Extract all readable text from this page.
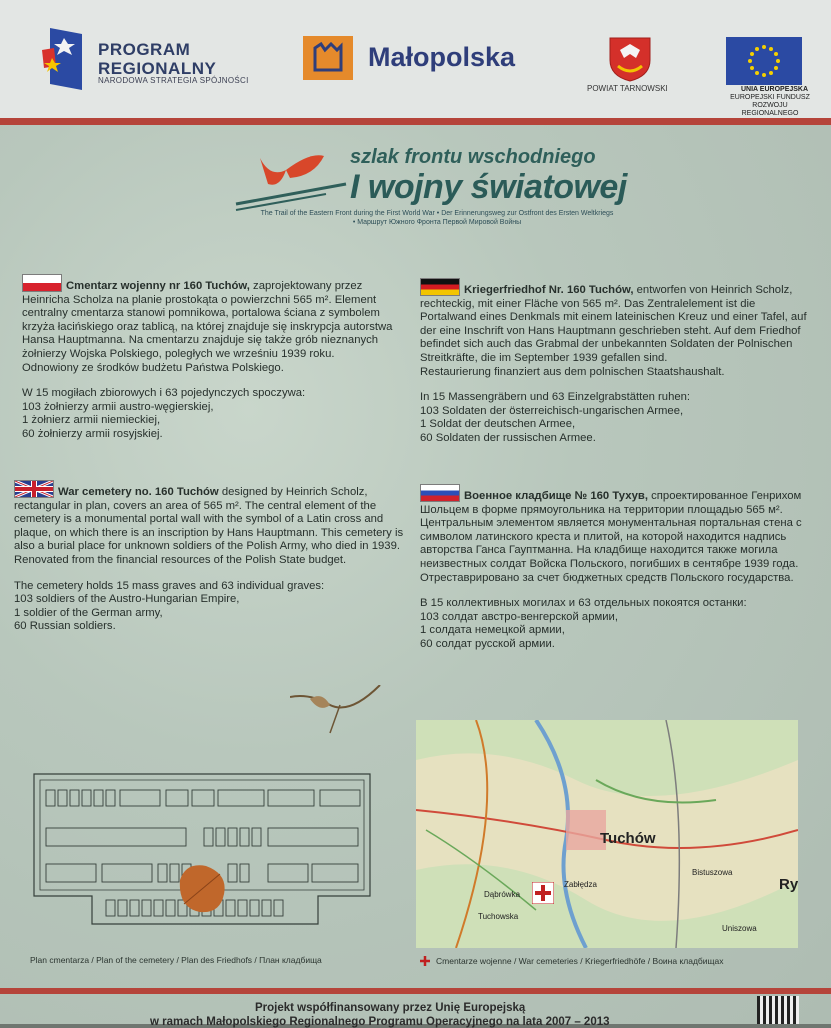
PROGRAM
REGIONALNY
NARODOWA STRATEGIA SPÓJNOŚCI
Małopolska
POWIAT TARNOWSKI	UNIA EUROPEJSKA
EUROPEJSKI FUNDUSZ
ROZWOJU REGIONALNEGO
szlak frontu wschodniego
I wojny światowej
The Trail of the Eastern Front during the First World War • Der Erinnerungsweg zur Ostfront des Ersten Weltkriegs
• Маршрут Южного Фронта Первой Мировой Войны

Cmentarz wojenny nr 160 Tuchów, zaprojektowany przez Heinricha Scholza na planie prostokąta o powierzchni 565 m². Element centralny cmentarza stanowi pomnikowa, portalowa ściana z symbolem krzyża łacińskiego oraz tablicą, na której znajduje się inskrypcja autorstwa Hansa Hauptmanna. Na cmentarzu znajduje się także grób nieznanych żołnierzy Wojska Polskiego, poległych we wrześniu 1939 roku.
Odnowiony ze środków budżetu Państwa Polskiego.

W 15 mogiłach zbiorowych i 63 pojedynczych spoczywa:
103 żołnierzy armii austro-węgierskiej,
1 żołnierz armii niemieckiej,
60 żołnierzy armii rosyjskiej.

War cemetery no. 160 Tuchów designed by Heinrich Scholz, rectangular in plan, covers an area of 565 m². The central element of the cemetery is a monumental portal wall with the symbol of a Latin cross and plaque, on which there is an inscription by Hans Hauptmann. This cemetery is also a burial place for unknown soldiers of the Polish Army, who died in 1939.
Renovated from the financial resources of the Polish State budget.

The cemetery holds 15 mass graves and 63 individual graves:
103 soldiers of the Austro-Hungarian Empire,
1 soldier of the German army,
60 Russian soldiers.

Kriegerfriedhof Nr. 160 Tuchów, entworfen von Heinrich Scholz, rechteckig, mit einer Fläche von 565 m². Das Zentralelement ist die Portalwand eines Denkmals mit einem lateinischen Kreuz und einer Tafel, auf der eine Inschrift von Hans Hauptmann geschrieben steht. Auf dem Friedhof befindet sich auch das Grabmal der unbekannten Soldaten der Polnischen Streitkräfte, die im September 1939 gefallen sind.
Restaurierung finanziert aus dem polnischen Staatshaushalt.

In 15 Massengräbern und 63 Einzelgrabstätten ruhen:
103 Soldaten der österreichisch-ungarischen Armee,
1 Soldat der deutschen Armee,
60 Soldaten der russischen Armee.

Военное кладбище № 160 Тухув, спроектированное Генрихом Шольцем в форме прямоугольника на территории площадью 565 м². Центральным элементом является монументальная портальная стена с символом латинского креста и плитой, на которой находится надпись авторства Ганса Гауптманна. На кладбище находится также могила неизвестных солдат Войска Польского, погибших в сентябре 1939 года.
Отреставрировано за счет бюджетных средств Польского государства.

В 15 коллективных могилах и 63 отдельных покоятся останки:
103 солдат австро-венгерской армии,
1 солдата немецкой армии,
60 солдат русской армии.
Plan cmentarza / Plan of the cemetery / Plan des Friedhofs / План кладбища
Tuchów
Ry
Dąbrówka
Tuchowska
Zabłędza
Uniszowa
Bistuszowa
Cmentarze wojenne / War cemeteries / Kriegerfriedhöfe / Воина кладбищах
Projekt współfinansowany przez Unię Europejską
w ramach Małopolskiego Regionalnego Programu Operacyjnego na lata 2007 – 2013
